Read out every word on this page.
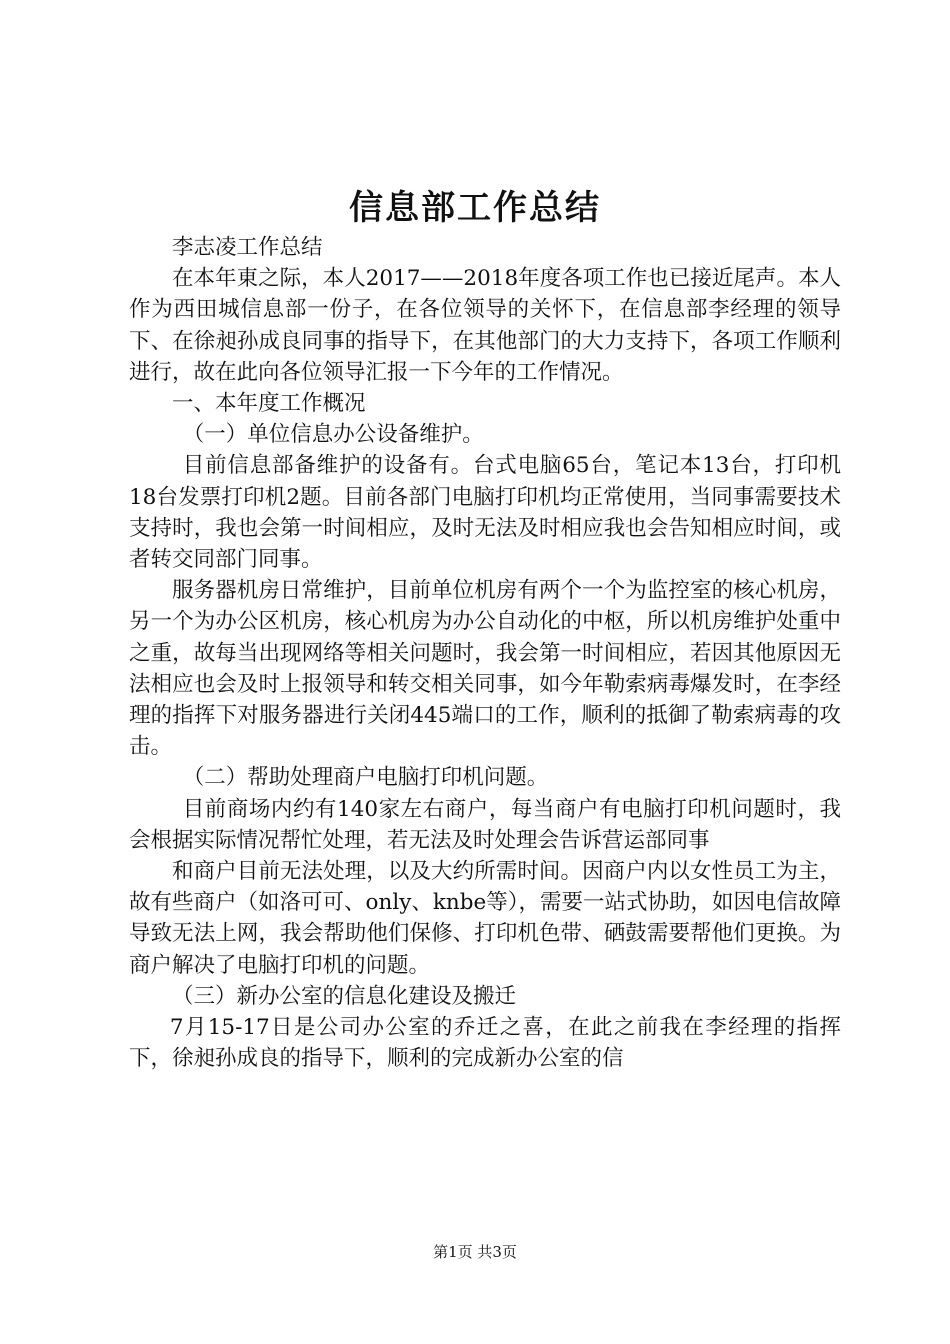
信息部工作总结

李志凌工作总结

在本年東之际，本人2017——2018年度各项工作也已接近尾声。本人作为西田城信息部一份子，在各位领导的关怀下，在信息部李经理的领导下、在徐昶孙成良同事的指导下，在其他部门的大力支持下，各项工作顺利进行，故在此向各位领导汇报一下今年的工作情况。

一、本年度工作概况

（一）单位信息办公设备维护。

目前信息部备维护的设备有。台式电脑65台，笔记本13台，打印机18台发票打印机2题。目前各部门电脑打印机均正常使用，当同事需要技术支持时，我也会第一时间相应，及时无法及时相应我也会告知相应时间，或者转交同部门同事。

服务器机房日常维护，目前单位机房有两个一个为监控室的核心机房，另一个为办公区机房，核心机房为办公自动化的中枢，所以机房维护处重中之重，故每当出现网络等相关问题时，我会第一时间相应，若因其他原因无法相应也会及时上报领导和转交相关同事，如今年勒索病毒爆发时，在李经理的指挥下对服务器进行关闭445端口的工作，顺利的抵御了勒索病毒的攻击。

（二）帮助处理商户电脑打印机问题。

目前商场内约有140家左右商户，每当商户有电脑打印机问题时，我会根据实际情况帮忙处理，若无法及时处理会告诉营运部同事

和商户目前无法处理，以及大约所需时间。因商户内以女性员工为主，故有些商户（如洛可可、only、knbe等），需要一站式协助，如因电信故障导致无法上网，我会帮助他们保修、打印机色带、硒鼓需要帮他们更换。为商户解决了电脑打印机的问题。

（三）新办公室的信息化建设及搬迁

7月15-17日是公司办公室的乔迁之喜，在此之前我在李经理的指挥下，徐昶孙成良的指导下，顺利的完成新办公室的信

第1页 共3页
